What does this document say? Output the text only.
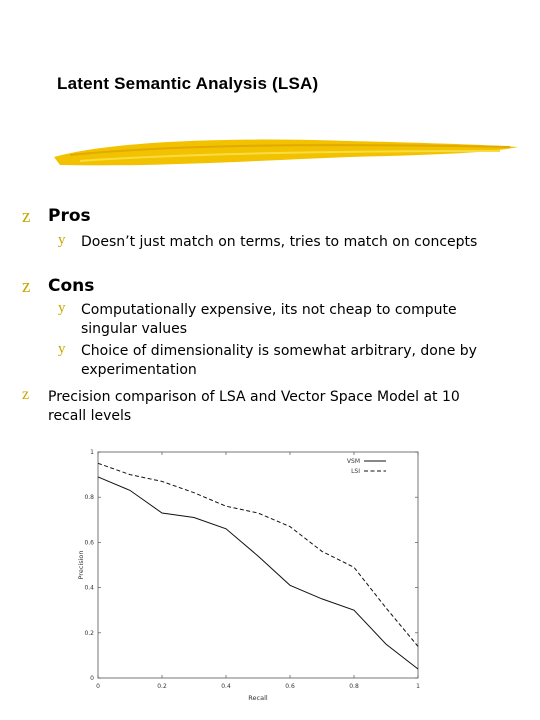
Latent Semantic Analysis (LSA)
z Pros
y Doesn’t just match on terms, tries to match on concepts
z Cons
y Computationally expensive, its not cheap to compute
singular values
y Choice of dimensionality is somewhat arbitrary, done by
experimentation
z Precision comparison of LSA and Vector Space Model at 10
recall levels
0
0.2
0.4
0.6
0.8
1
0	0.2	0.4	0.6	0.8	1
VSM
LSI
Recall
Precision
